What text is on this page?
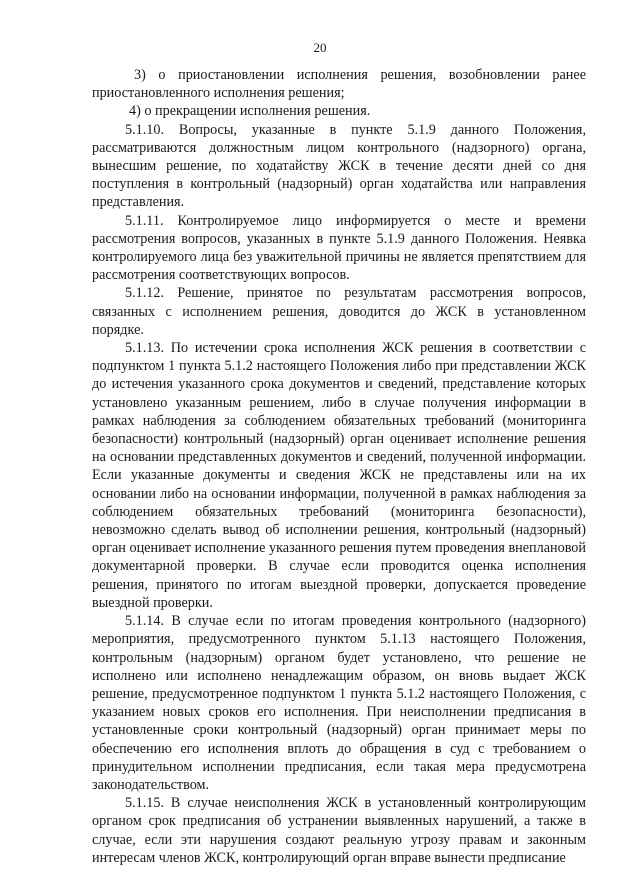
20

3) о приостановлении исполнения решения, возобновлении ранее приостановленного исполнения решения;

4) о прекращении исполнения решения.

5.1.10. Вопросы, указанные в пункте 5.1.9 данного Положения, рассматриваются должностным лицом контрольного (надзорного) органа, вынесшим решение, по ходатайству ЖСК в течение десяти дней со дня поступления в контрольный (надзорный) орган ходатайства или направления представления.

5.1.11. Контролируемое лицо информируется о месте и времени рассмотрения вопросов, указанных в пункте 5.1.9 данного Положения. Неявка контролируемого лица без уважительной причины не является препятствием для рассмотрения соответствующих вопросов.

5.1.12. Решение, принятое по результатам рассмотрения вопросов, связанных с исполнением решения, доводится до ЖСК в установленном порядке.

5.1.13. По истечении срока исполнения ЖСК решения в соответствии с подпунктом 1 пункта 5.1.2 настоящего Положения либо при представлении ЖСК до истечения указанного срока документов и сведений, представление которых установлено указанным решением, либо в случае получения информации в рамках наблюдения за соблюдением обязательных требований (мониторинга безопасности) контрольный (надзорный) орган оценивает исполнение решения на основании представленных документов и сведений, полученной информации. Если указанные документы и сведения ЖСК не представлены или на их основании либо на основании информации, полученной в рамках наблюдения за соблюдением обязательных требований (мониторинга безопасности), невозможно сделать вывод об исполнении решения, контрольный (надзорный) орган оценивает исполнение указанного решения путем проведения внеплановой документарной проверки. В случае если проводится оценка исполнения решения, принятого по итогам выездной проверки, допускается проведение выездной проверки.

5.1.14. В случае если по итогам проведения контрольного (надзорного) мероприятия, предусмотренного пунктом 5.1.13 настоящего Положения, контрольным (надзорным) органом будет установлено, что решение не исполнено или исполнено ненадлежащим образом, он вновь выдает ЖСК решение, предусмотренное подпунктом 1 пункта 5.1.2 настоящего Положения, с указанием новых сроков его исполнения. При неисполнении предписания в установленные сроки контрольный (надзорный) орган принимает меры по обеспечению его исполнения вплоть до обращения в суд с требованием о принудительном исполнении предписания, если такая мера предусмотрена законодательством.

5.1.15. В случае неисполнения ЖСК в установленный контролирующим органом срок предписания об устранении выявленных нарушений, а также в случае, если эти нарушения создают реальную угрозу правам и законным интересам членов ЖСК, контролирующий орган вправе вынести предписание
